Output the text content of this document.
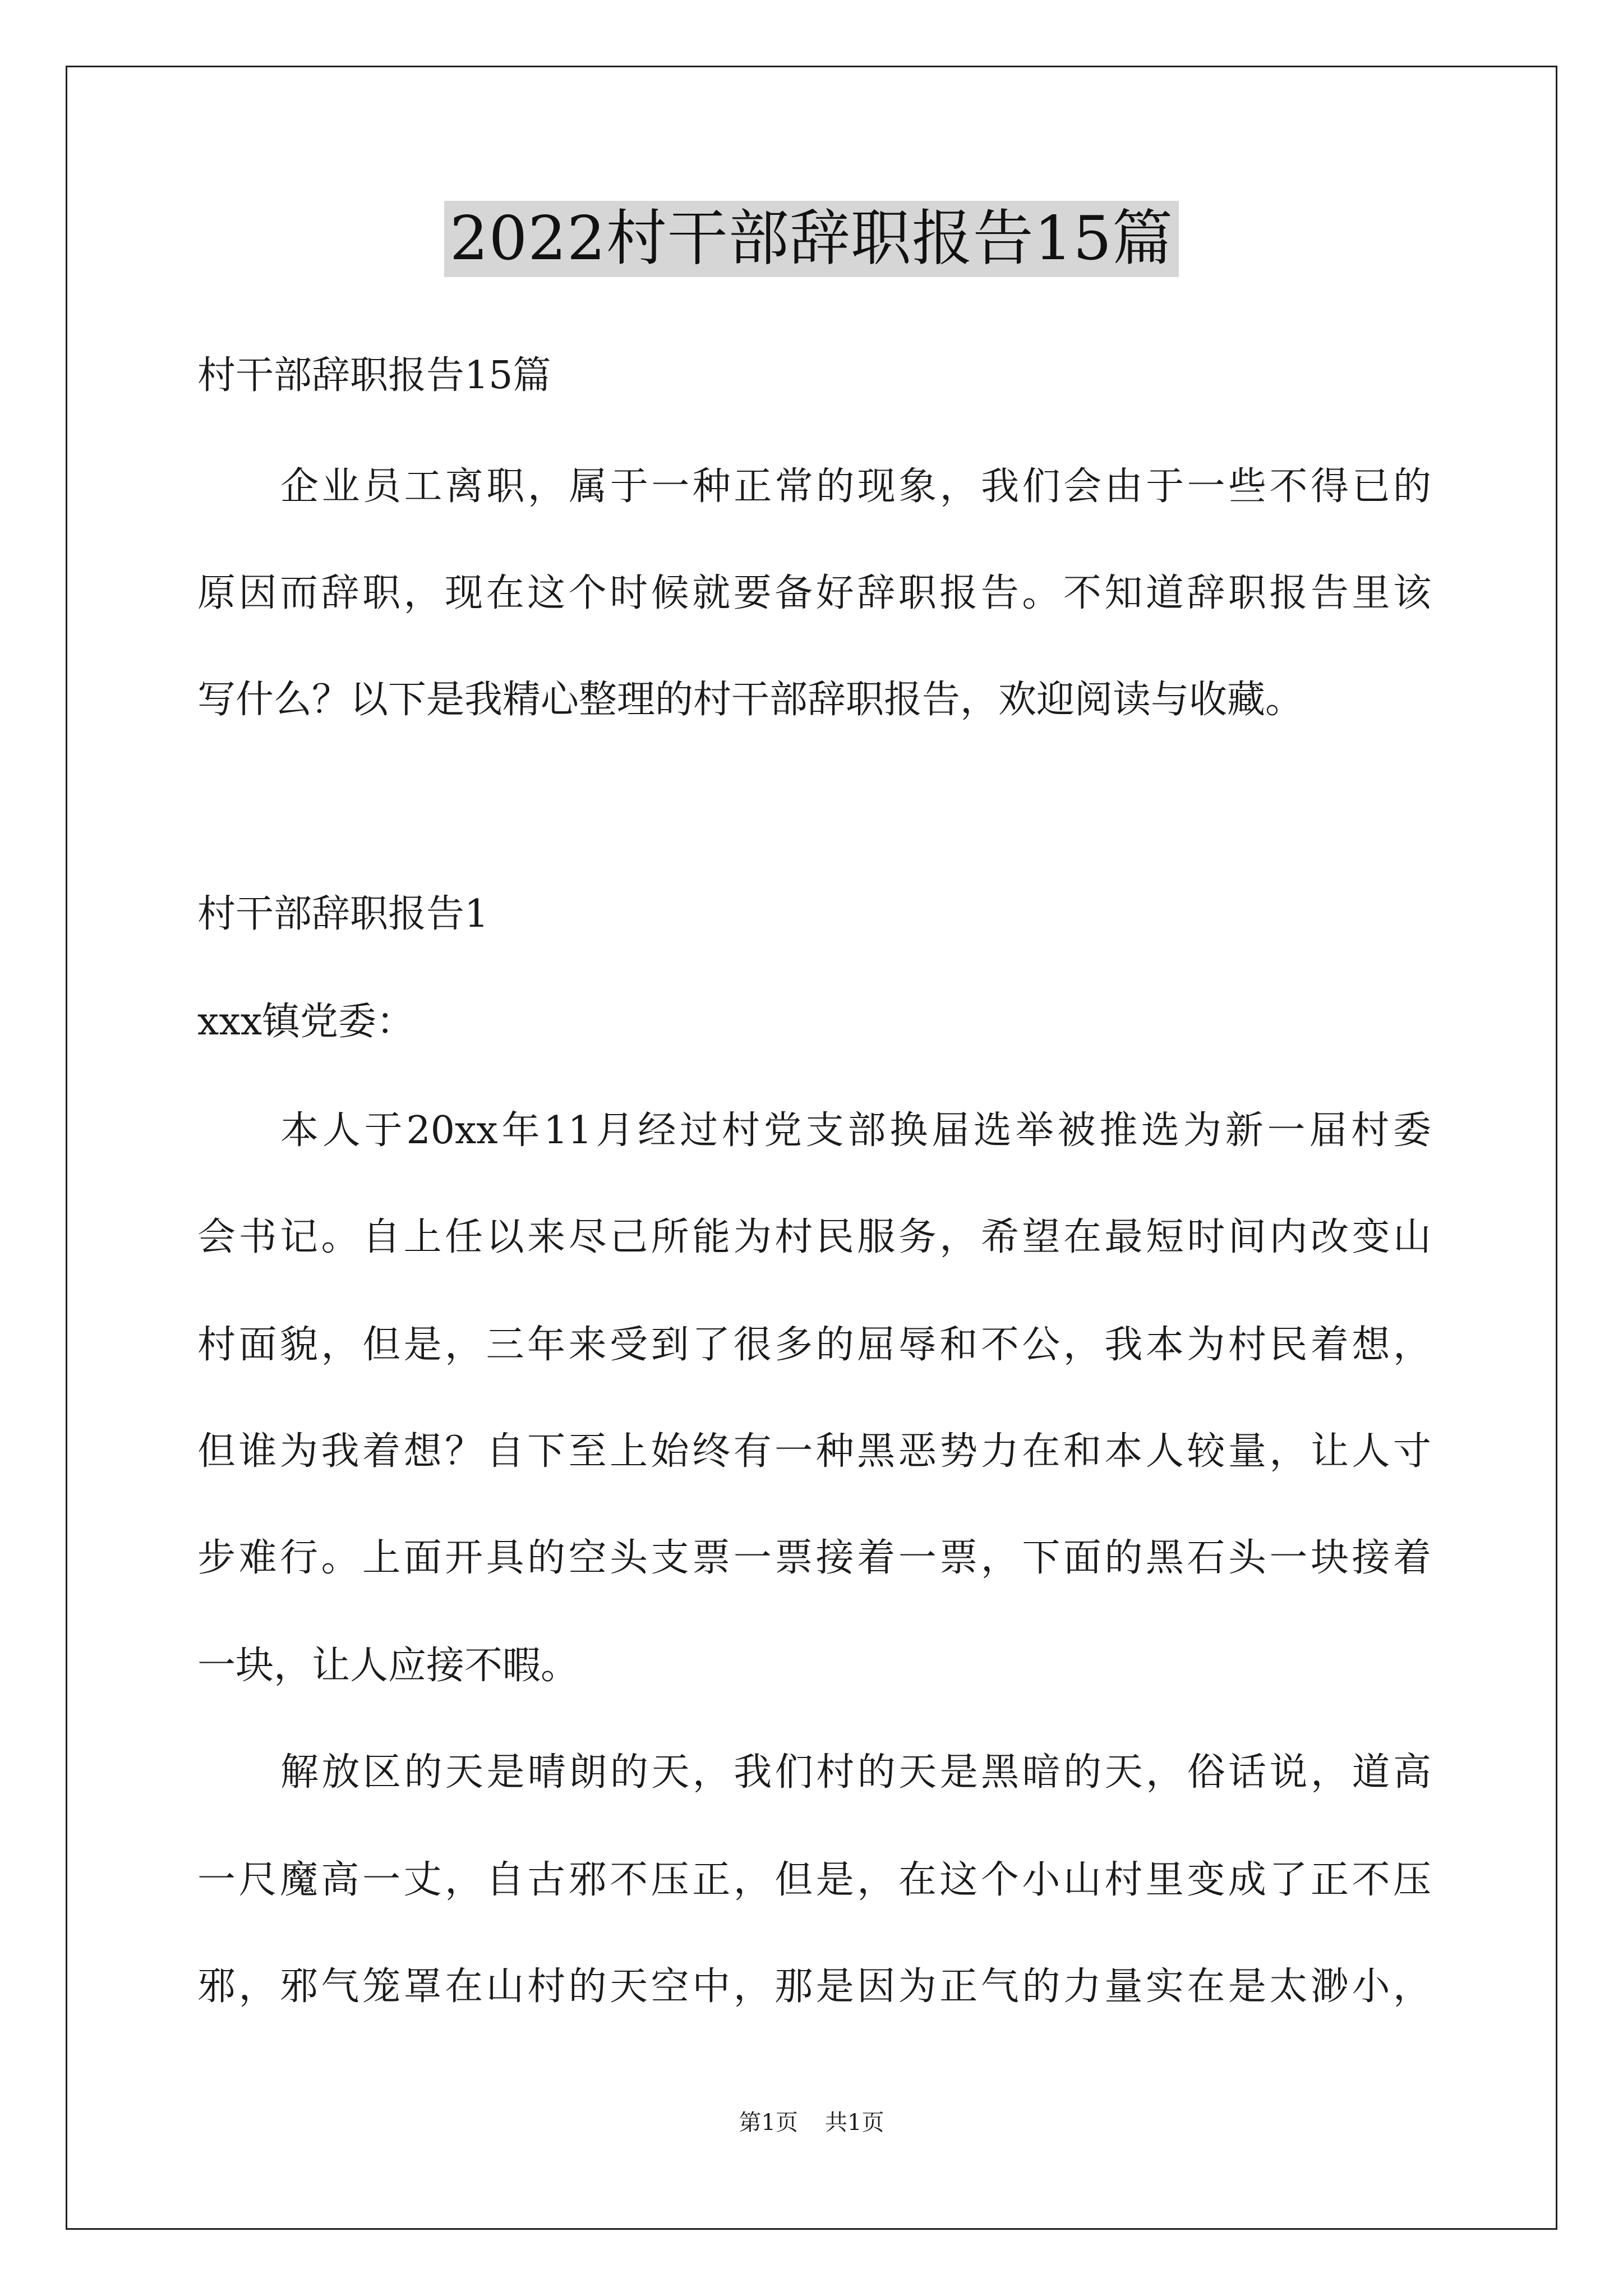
2022村干部辞职报告15篇

村干部辞职报告15篇

企业员工离职，属于一种正常的现象，我们会由于一些不得已的

原因而辞职，现在这个时候就要备好辞职报告。不知道辞职报告里该

写什么？以下是我精心整理的村干部辞职报告，欢迎阅读与收藏。

村干部辞职报告1

xxx镇党委：

本人于20xx年11月经过村党支部换届选举被推选为新一届村委

会书记。自上任以来尽己所能为村民服务，希望在最短时间内改变山

村面貌，但是，三年来受到了很多的屈辱和不公，我本为村民着想，

但谁为我着想？自下至上始终有一种黑恶势力在和本人较量，让人寸

步难行。上面开具的空头支票一票接着一票，下面的黑石头一块接着

一块，让人应接不暇。

解放区的天是晴朗的天，我们村的天是黑暗的天，俗话说，道高

一尺魔高一丈，自古邪不压正，但是，在这个小山村里变成了正不压

邪，邪气笼罩在山村的天空中，那是因为正气的力量实在是太渺小，

第1页 共1页
